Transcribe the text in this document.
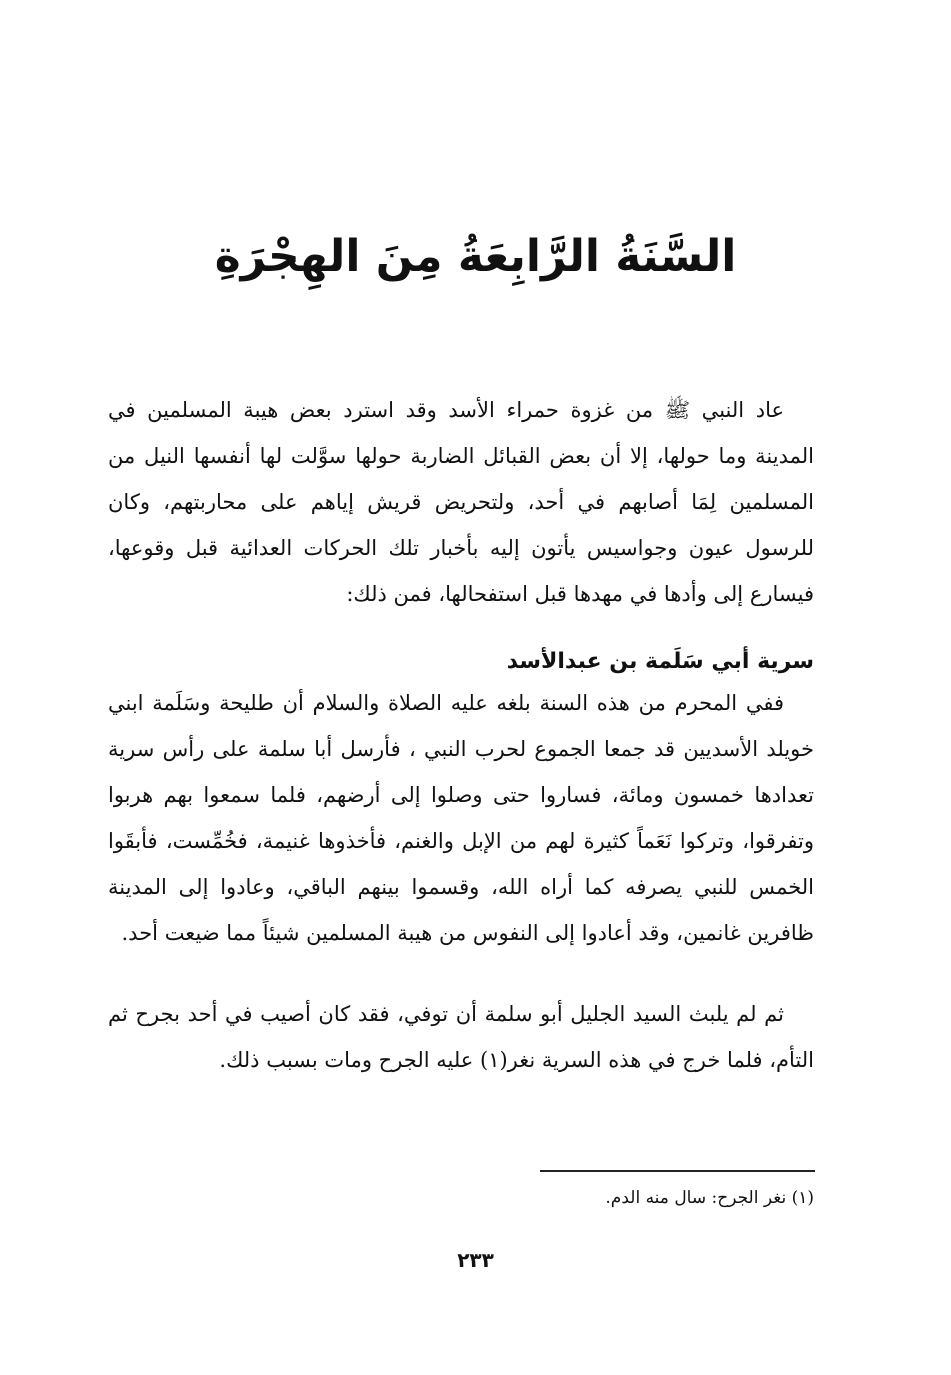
السَّنَةُ الرَّابِعَةُ مِنَ الهِجْرَةِ

عاد النبي ﷺ من غزوة حمراء الأسد وقد استرد بعض هيبة المسلمين في المدينة وما حولها، إلا أن بعض القبائل الضاربة حولها سوَّلت لها أنفسها النيل من المسلمين لِمَا أصابهم في أحد، ولتحريض قريش إياهم على محاربتهم، وكان للرسول عيون وجواسيس يأتون إليه بأخبار تلك الحركات العدائية قبل وقوعها، فيسارع إلى وأدها في مهدها قبل استفحالها، فمن ذلك:

سرية أبي سَلَمة بن عبدالأسد

ففي المحرم من هذه السنة بلغه عليه الصلاة والسلام أن طليحة وسَلَمة ابني خويلد الأسديين قد جمعا الجموع لحرب النبي ، فأرسل أبا سلمة على رأس سرية تعدادها خمسون ومائة، فساروا حتى وصلوا إلى أرضهم، فلما سمعوا بهم هربوا وتفرقوا، وتركوا نَعَماً كثيرة لهم من الإبل والغنم، فأخذوها غنيمة، فخُمِّست، فأبقَوا الخمس للنبي يصرفه كما أراه الله، وقسموا بينهم الباقي، وعادوا إلى المدينة ظافرين غانمين، وقد أعادوا إلى النفوس من هيبة المسلمين شيئاً مما ضيعت أحد.

ثم لم يلبث السيد الجليل أبو سلمة أن توفي، فقد كان أصيب في أحد بجرح ثم التأم، فلما خرج في هذه السرية نغر(١) عليه الجرح ومات بسبب ذلك.

(١) نغر الجرح: سال منه الدم.
٢٣٣
